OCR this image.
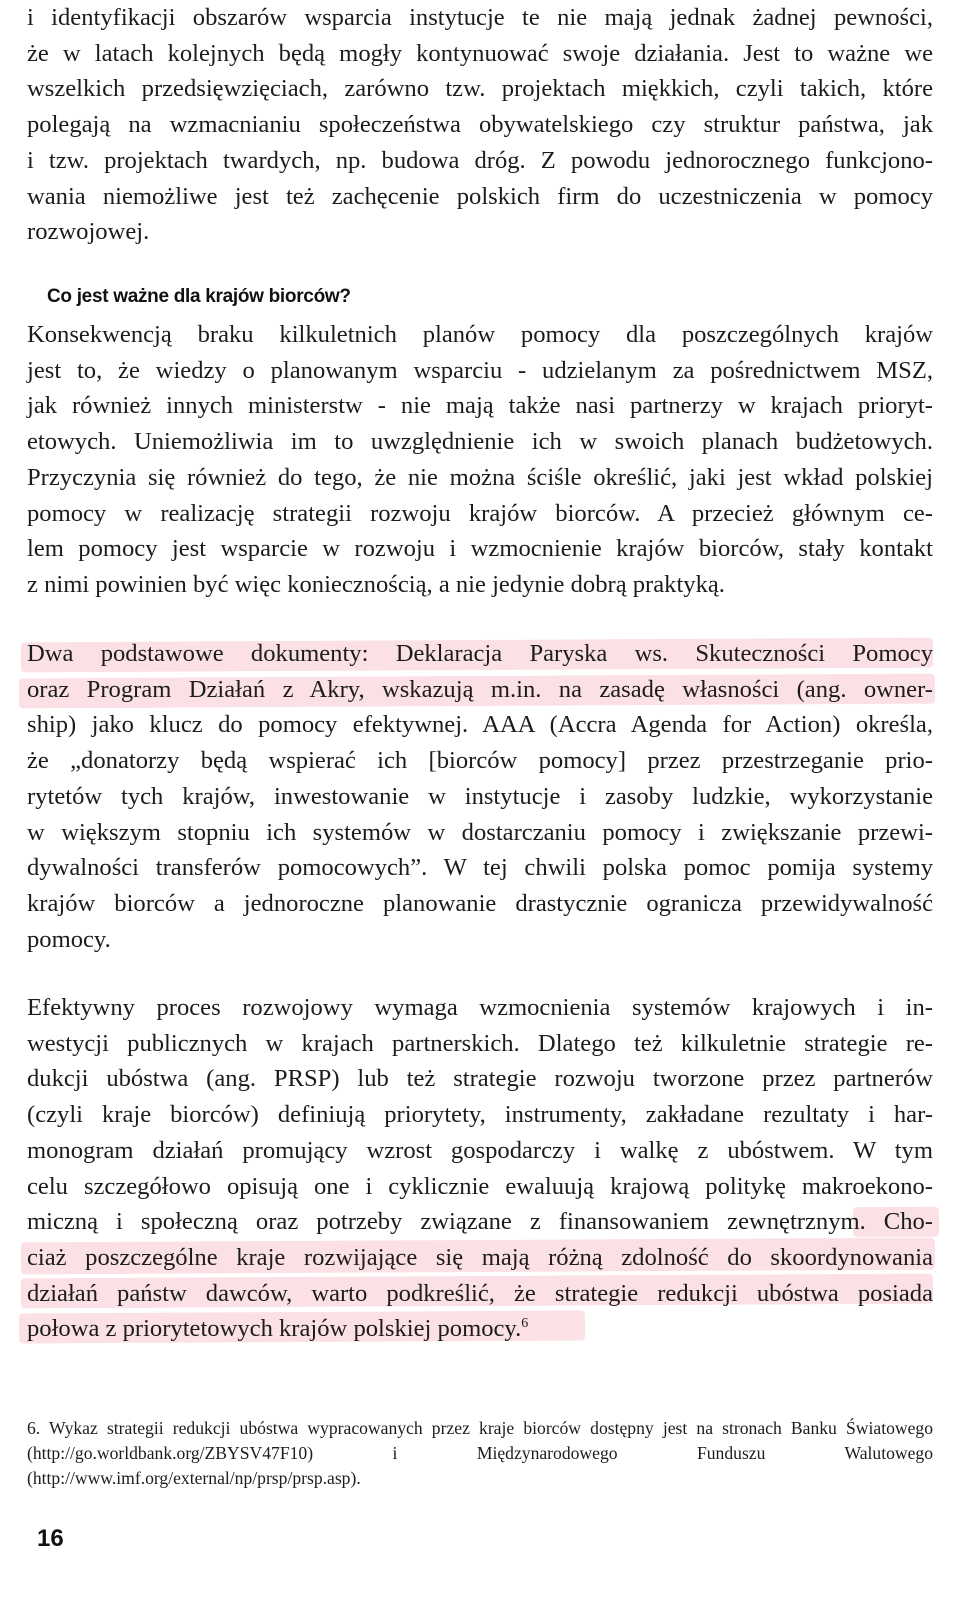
i identyfikacji obszarów wsparcia instytucje te nie mają jednak żadnej pewności,
że w latach kolejnych będą mogły kontynuować swoje działania. Jest to ważne we
wszelkich przedsięwzięciach, zarówno tzw. projektach miękkich, czyli takich, które
polegają na wzmacnianiu społeczeństwa obywatelskiego czy struktur państwa, jak
i tzw. projektach twardych, np. budowa dróg. Z powodu jednorocznego funkcjono-
wania niemożliwe jest też zachęcenie polskich firm do uczestniczenia w pomocy
rozwojowej.

Co jest ważne dla krajów biorców?

Konsekwencją braku kilkuletnich planów pomocy dla poszczególnych krajów
jest to, że wiedzy o planowanym wsparciu - udzielanym za pośrednictwem MSZ,
jak również innych ministerstw - nie mają także nasi partnerzy w krajach prioryt-
etowych. Uniemożliwia im to uwzględnienie ich w swoich planach budżetowych.
Przyczynia się również do tego, że nie można ściśle określić, jaki jest wkład polskiej
pomocy w realizację strategii rozwoju krajów biorców. A przecież głównym ce-
lem pomocy jest wsparcie w rozwoju i wzmocnienie krajów biorców, stały kontakt
z nimi powinien być więc koniecznością, a nie jedynie dobrą praktyką.

Dwa podstawowe dokumenty: Deklaracja Paryska ws. Skuteczności Pomocy
oraz Program Działań z Akry, wskazują m.in. na zasadę własności (ang. owner-
ship) jako klucz do pomocy efektywnej. AAA (Accra Agenda for Action) określa,
że „donatorzy będą wspierać ich [biorców pomocy] przez przestrzeganie prio-
rytetów tych krajów, inwestowanie w instytucje i zasoby ludzkie, wykorzystanie
w większym stopniu ich systemów w dostarczaniu pomocy i zwiększanie przewi-
dywalności transferów pomocowych”. W tej chwili polska pomoc pomija systemy
krajów biorców a jednoroczne planowanie drastycznie ogranicza przewidywalność
pomocy.

Efektywny proces rozwojowy wymaga wzmocnienia systemów krajowych i in-
westycji publicznych w krajach partnerskich. Dlatego też kilkuletnie strategie re-
dukcji ubóstwa (ang. PRSP) lub też strategie rozwoju tworzone przez partnerów
(czyli kraje biorców) definiują priorytety, instrumenty, zakładane rezultaty i har-
monogram działań promujący wzrost gospodarczy i walkę z ubóstwem. W tym
celu szczegółowo opisują one i cyklicznie ewaluują krajową politykę makroekono-
miczną i społeczną oraz potrzeby związane z finansowaniem zewnętrznym. Cho-
ciaż poszczególne kraje rozwijające się mają różną zdolność do skoordynowania
działań państw dawców, warto podkreślić, że strategie redukcji ubóstwa posiada
połowa z priorytetowych krajów polskiej pomocy.$^6$

6. Wykaz strategii redukcji ubóstwa wypracowanych przez kraje biorców dostępny jest na stronach Banku Światowego (http://go.worldbank.org/ZBYSV47F10) i Międzynarodowego Funduszu Walutowego (http://www.imf.org/external/np/prsp/prsp.asp).

16
